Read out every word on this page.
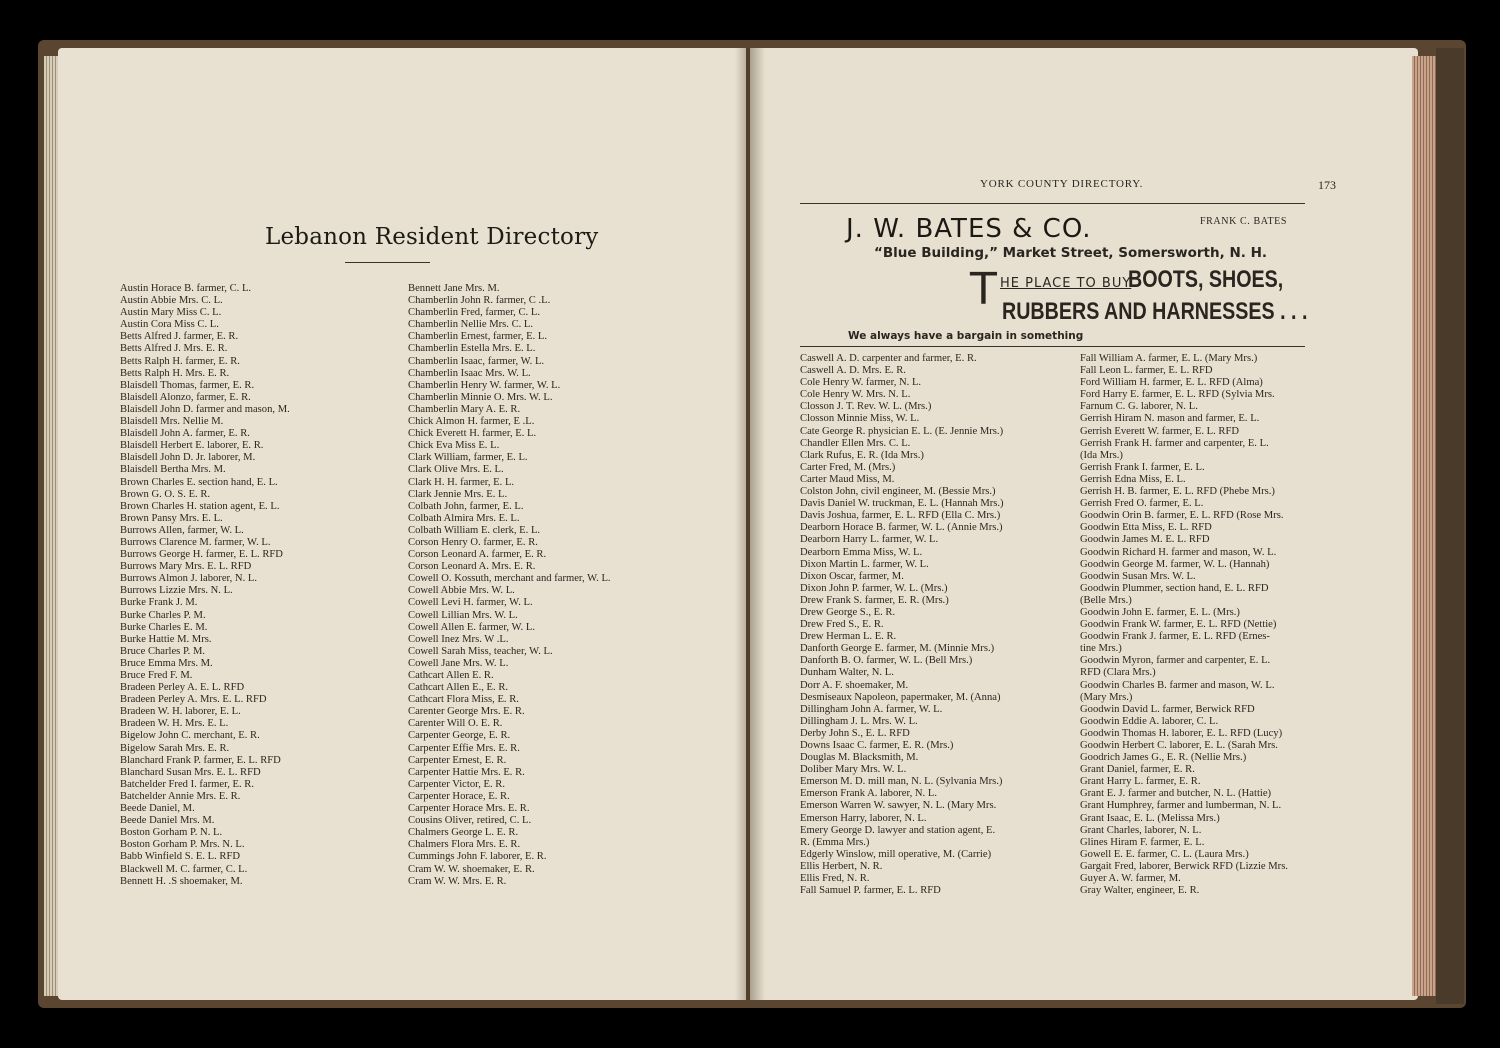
Lebanon Resident Directory
Austin Horace B. farmer, C. L.
Austin Abbie Mrs. C. L.
Austin Mary Miss C. L.
Austin Cora Miss C. L.
Betts Alfred J. farmer, E. R.
Betts Alfred J. Mrs. E. R.
Betts Ralph H. farmer, E. R.
Betts Ralph H. Mrs. E. R.
Blaisdell Thomas, farmer, E. R.
Blaisdell Alonzo, farmer, E. R.
Blaisdell John D. farmer and mason, M.
Blaisdell Mrs. Nellie M.
Blaisdell John A. farmer, E. R.
Blaisdell Herbert E. laborer, E. R.
Blaisdell John D. Jr. laborer, M.
Blaisdell Bertha Mrs. M.
Brown Charles E. section hand, E. L.
Brown G. O. S. E. R.
Brown Charles H. station agent, E. L.
Brown Pansy Mrs. E. L.
Burrows Allen, farmer, W. L.
Burrows Clarence M. farmer, W. L.
Burrows George H. farmer, E. L. RFD
Burrows Mary Mrs. E. L. RFD
Burrows Almon J. laborer, N. L.
Burrows Lizzie Mrs. N. L.
Burke Frank J. M.
Burke Charles P. M.
Burke Charles E. M.
Burke Hattie M. Mrs.
Bruce Charles P. M.
Bruce Emma Mrs. M.
Bruce Fred F. M.
Bradeen Perley A. E. L. RFD
Bradeen Perley A. Mrs. E. L. RFD
Bradeen W. H. laborer, E. L.
Bradeen W. H. Mrs. E. L.
Bigelow John C. merchant, E. R.
Bigelow Sarah Mrs. E. R.
Blanchard Frank P. farmer, E. L. RFD
Blanchard Susan Mrs. E. L. RFD
Batchelder Fred I. farmer, E. R.
Batchelder Annie Mrs. E. R.
Beede Daniel, M.
Beede Daniel Mrs. M.
Boston Gorham P. N. L.
Boston Gorham P. Mrs. N. L.
Babb Winfield S. E. L. RFD
Blackwell M. C. farmer, C. L.
Bennett H. .S shoemaker, M.
Bennett Jane Mrs. M.
Chamberlin John R. farmer, C .L.
Chamberlin Fred, farmer, C. L.
Chamberlin Nellie Mrs. C. L.
Chamberlin Ernest, farmer, E. L.
Chamberlin Estella Mrs. E. L.
Chamberlin Isaac, farmer, W. L.
Chamberlin Isaac Mrs. W. L.
Chamberlin Henry W. farmer, W. L.
Chamberlin Minnie O. Mrs. W. L.
Chamberlin Mary A. E. R.
Chick Almon H. farmer, E .L.
Chick Everett H. farmer, E. L.
Chick Eva Miss E. L.
Clark William, farmer, E. L.
Clark Olive Mrs. E. L.
Clark H. H. farmer, E. L.
Clark Jennie Mrs. E. L.
Colbath John, farmer, E. L.
Colbath Almira Mrs. E. L.
Colbath William E. clerk, E. L.
Corson Henry O. farmer, E. R.
Corson Leonard A. farmer, E. R.
Corson Leonard A. Mrs. E. R.
Cowell O. Kossuth, merchant and farmer, W. L.
Cowell Abbie Mrs. W. L.
Cowell Levi H. farmer, W. L.
Cowell Lillian Mrs. W. L.
Cowell Allen E. farmer, W. L.
Cowell Inez Mrs. W .L.
Cowell Sarah Miss, teacher, W. L.
Cowell Jane Mrs. W. L.
Cathcart Allen E. R.
Cathcart Allen E., E. R.
Cathcart Flora Miss, E. R.
Carenter George Mrs. E. R.
Carenter Will O. E. R.
Carpenter George, E. R.
Carpenter Effie Mrs. E. R.
Carpenter Ernest, E. R.
Carpenter Hattie Mrs. E. R.
Carpenter Victor, E. R.
Carpenter Horace, E. R.
Carpenter Horace Mrs. E. R.
Cousins Oliver, retired, C. L.
Chalmers George L. E. R.
Chalmers Flora Mrs. E. R.
Cummings John F. laborer, E. R.
Cram W. W. shoemaker, E. R.
Cram W. W. Mrs. E. R.
YORK COUNTY DIRECTORY.	173
J. W. BATES & CO.	FRANK C. BATES
“Blue Building,” Market Street, Somersworth, N. H.
T HE PLACE TO BUY
BOOTS, SHOES,
RUBBERS AND HARNESSES . . .
We always have a bargain in something
Caswell A. D. carpenter and farmer, E. R.
Caswell A. D. Mrs. E. R.
Cole Henry W. farmer, N. L.
Cole Henry W. Mrs. N. L.
Closson J. T. Rev. W. L. (Mrs.)
Closson Minnie Miss, W. L.
Cate George R. physician E. L. (E. Jennie Mrs.)
Chandler Ellen Mrs. C. L.
Clark Rufus, E. R. (Ida Mrs.)
Carter Fred, M. (Mrs.)
Carter Maud Miss, M.
Colston John, civil engineer, M. (Bessie Mrs.)
Davis Daniel W. truckman, E. L. (Hannah Mrs.)
Davis Joshua, farmer, E. L. RFD (Ella C. Mrs.)
Dearborn Horace B. farmer, W. L. (Annie Mrs.)
Dearborn Harry L. farmer, W. L.
Dearborn Emma Miss, W. L.
Dixon Martin L. farmer, W. L.
Dixon Oscar, farmer, M.
Dixon John P. farmer, W. L. (Mrs.)
Drew Frank S. farmer, E. R. (Mrs.)
Drew George S., E. R.
Drew Fred S., E. R.
Drew Herman L. E. R.
Danforth George E. farmer, M. (Minnie Mrs.)
Danforth B. O. farmer, W. L. (Bell Mrs.)
Dunham Walter, N. L.
Dorr A. F. shoemaker, M.
Desmiseaux Napoleon, papermaker, M. (Anna)
Dillingham John A. farmer, W. L.
Dillingham J. L. Mrs. W. L.
Derby John S., E. L. RFD
Downs Isaac C. farmer, E. R. (Mrs.)
Douglas M. Blacksmith, M.
Doliber Mary Mrs. W. L.
Emerson M. D. mill man, N. L. (Sylvania Mrs.)
Emerson Frank A. laborer, N. L.
Emerson Warren W. sawyer, N. L. (Mary Mrs.
Emerson Harry, laborer, N. L.
Emery George D. lawyer and station agent, E.
R. (Emma Mrs.)
Edgerly Winslow, mill operative, M. (Carrie)
Ellis Herbert, N. R.
Ellis Fred, N. R.
Fall Samuel P. farmer, E. L. RFD
Fall William A. farmer, E. L. (Mary Mrs.)
Fall Leon L. farmer, E. L. RFD
Ford William H. farmer, E. L. RFD (Alma)
Ford Harry E. farmer, E. L. RFD (Sylvia Mrs.
Farnum C. G. laborer, N. L.
Gerrish Hiram N. mason and farmer, E. L.
Gerrish Everett W. farmer, E. L. RFD
Gerrish Frank H. farmer and carpenter, E. L.
(Ida Mrs.)
Gerrish Frank I. farmer, E. L.
Gerrish Edna Miss, E. L.
Gerrish H. B. farmer, E. L. RFD (Phebe Mrs.)
Gerrish Fred O. farmer, E. L.
Goodwin Orin B. farmer, E. L. RFD (Rose Mrs.
Goodwin Etta Miss, E. L. RFD
Goodwin James M. E. L. RFD
Goodwin Richard H. farmer and mason, W. L.
Goodwin George M. farmer, W. L. (Hannah)
Goodwin Susan Mrs. W. L.
Goodwin Plummer, section hand, E. L. RFD
(Belle Mrs.)
Goodwin John E. farmer, E. L. (Mrs.)
Goodwin Frank W. farmer, E. L. RFD (Nettie)
Goodwin Frank J. farmer, E. L. RFD (Ernes-
tine Mrs.)
Goodwin Myron, farmer and carpenter, E. L.
RFD (Clara Mrs.)
Goodwin Charles B. farmer and mason, W. L.
(Mary Mrs.)
Goodwin David L. farmer, Berwick RFD
Goodwin Eddie A. laborer, C. L.
Goodwin Thomas H. laborer, E. L. RFD (Lucy)
Goodwin Herbert C. laborer, E. L. (Sarah Mrs.
Goodrich James G., E. R. (Nellie Mrs.)
Grant Daniel, farmer, E. R.
Grant Harry L. farmer, E. R.
Grant E. J. farmer and butcher, N. L. (Hattie)
Grant Humphrey, farmer and lumberman, N. L.
Grant Isaac, E. L. (Melissa Mrs.)
Grant Charles, laborer, N. L.
Glines Hiram F. farmer, E. L.
Gowell E. E. farmer, C. L. (Laura Mrs.)
Gargait Fred, laborer, Berwick RFD (Lizzie Mrs.
Guyer A. W. farmer, M.
Gray Walter, engineer, E. R.
